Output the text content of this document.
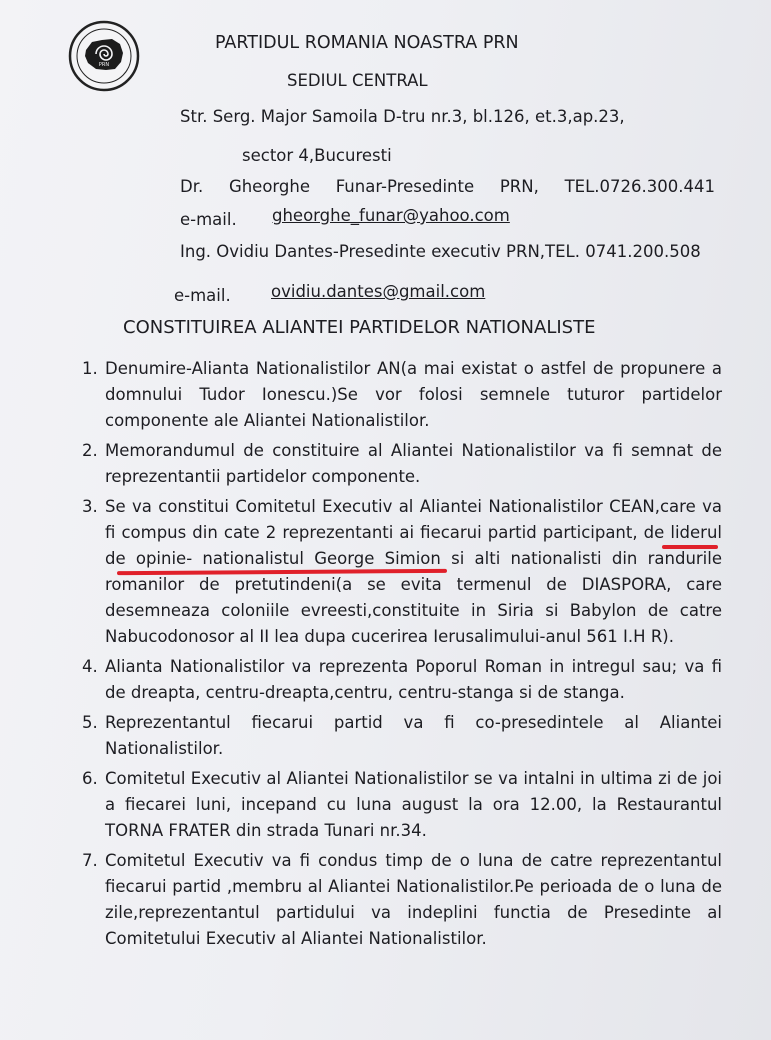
PRN
PARTIDUL ROMANIA NOASTRA PRN
SEDIUL CENTRAL
Str. Serg. Major Samoila D-tru nr.3, bl.126, et.3,ap.23,
sector 4,Bucuresti
Dr. Gheorghe Funar-Presedinte PRN, TEL.0726.300.441
e-mail. gheorghe_funar@yahoo.com
Ing. Ovidiu Dantes-Presedinte executiv PRN,TEL. 0741.200.508
e-mail. ovidiu.dantes@gmail.com
CONSTITUIREA ALIANTEI PARTIDELOR NATIONALISTE
1. Denumire-Alianta Nationalistilor AN(a mai existat o astfel de propunere a domnului Tudor Ionescu.)Se vor folosi semnele tuturor partidelor componente ale Aliantei Nationalistilor.
2. Memorandumul de constituire al Aliantei Nationalistilor va fi semnat de reprezentantii partidelor componente.
3. Se va constitui Comitetul Executiv al Aliantei Nationalistilor CEAN,care va fi compus din cate 2 reprezentanti ai fiecarui partid participant, de liderul de opinie- nationalistul George Simion si alti nationalisti din randurile romanilor de pretutindeni(a se evita termenul de DIASPORA, care desemneaza coloniile evreesti,constituite in Siria si Babylon de catre Nabucodonosor al II lea dupa cucerirea Ierusalimului-anul 561 I.H R).
4. Alianta Nationalistilor va reprezenta Poporul Roman in intregul sau; va fi de dreapta, centru-dreapta,centru, centru-stanga si de stanga.
5. Reprezentantul fiecarui partid va fi co-presedintele al Aliantei Nationalistilor.
6. Comitetul Executiv al Aliantei Nationalistilor se va intalni in ultima zi de joi a fiecarei luni, incepand cu luna august la ora 12.00, la Restaurantul TORNA FRATER din strada Tunari nr.34.
7. Comitetul Executiv va fi condus timp de o luna de catre reprezentantul fiecarui partid ,membru al Aliantei Nationalistilor.Pe perioada de o luna de zile,reprezentantul partidului va indeplini functia de Presedinte al Comitetului Executiv al Aliantei Nationalistilor.
